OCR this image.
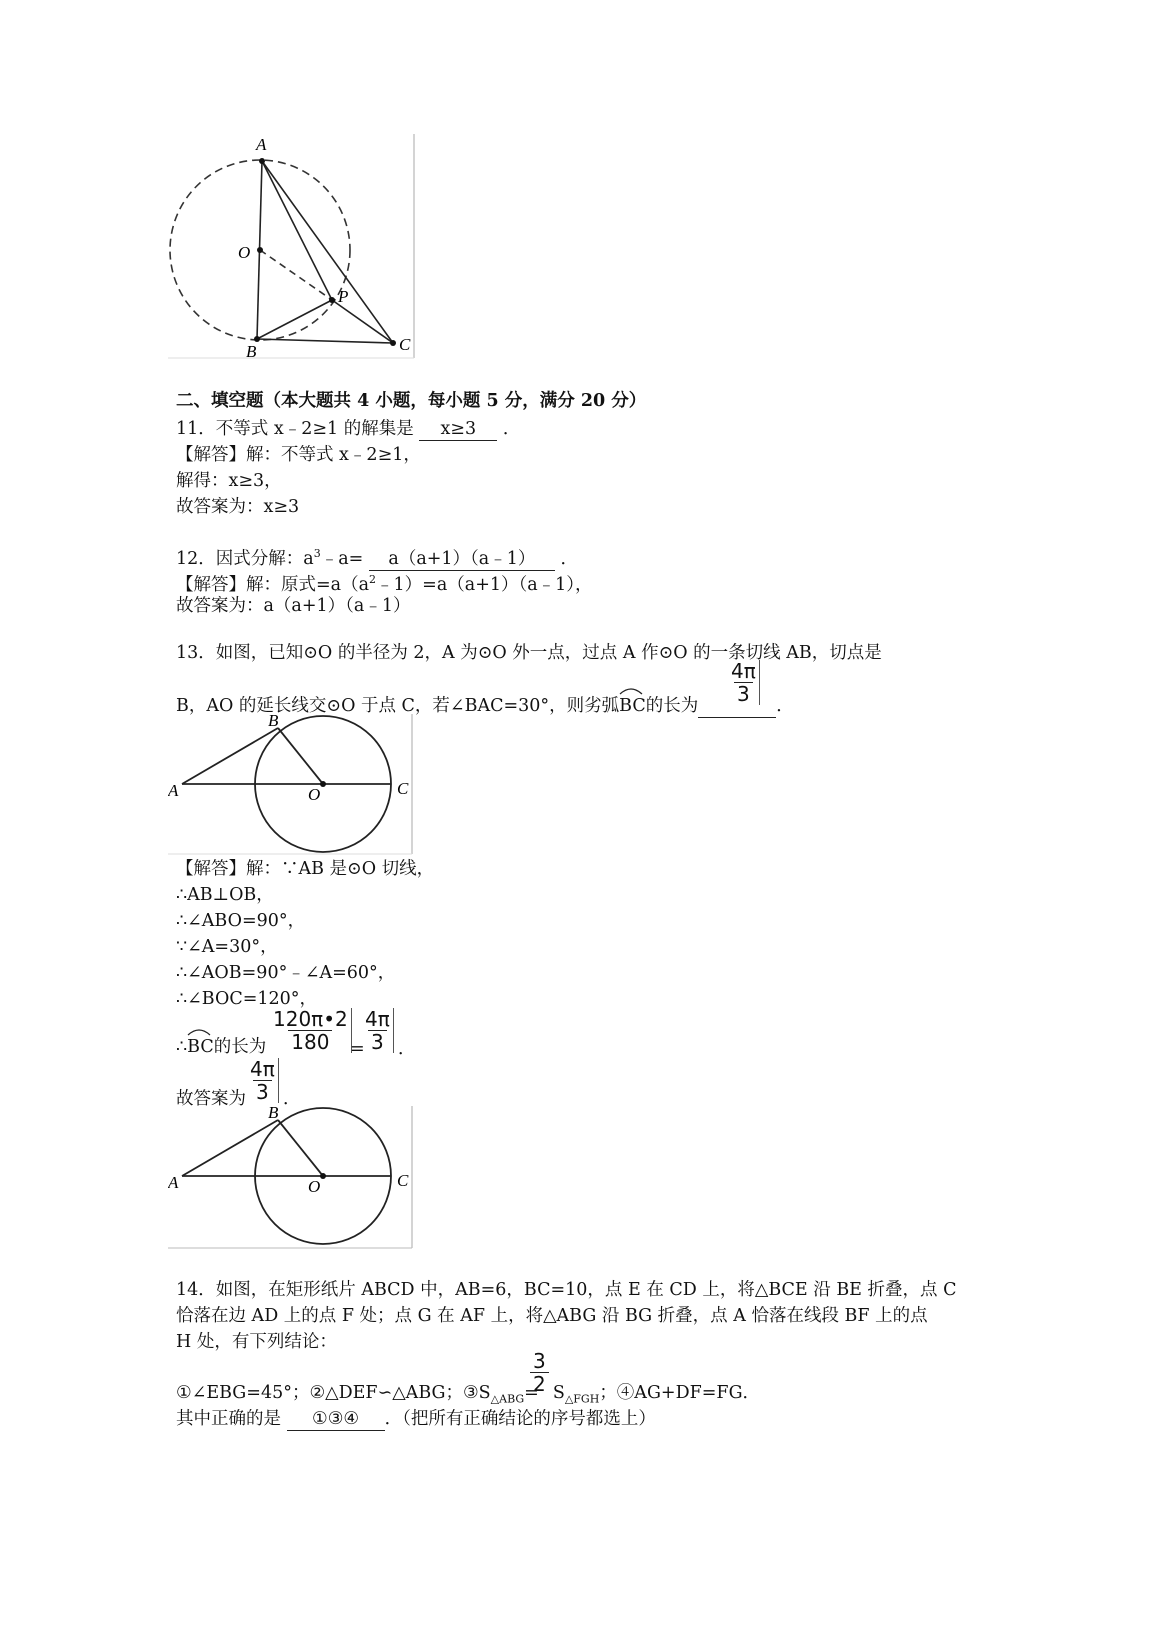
A
O
P
B	C
二、填空题（本大题共 4 小题，每小题 5 分，满分 20 分）
11．不等式 x﹣2≥1 的解集是 x≥3 ．
【解答】解：不等式 x﹣2≥1，
解得：x≥3，
故答案为：x≥3
12．因式分解：$a^3﹣a=$ a（a+1）（a﹣1） ．
【解答】解：原式$=a(a^2﹣1)=a(a+1)(a﹣1)$，
故答案为：a（a+1）（a﹣1）
13．如图，已知⊙O 的半径为 2，A 为⊙O 外一点，过点 A 作⊙O 的一条切线 AB，切点是
$\frac{4\pi}{3}$
B，AO 的延长线交⊙O 于点 C，若∠BAC=30°，则劣弧
BC的长为	．
B
A	O	C
【解答】解：∵AB 是⊙O 切线，
∴AB⊥OB，
∴∠ABO=90°，
∵∠A=30°，
∴∠AOB=90°﹣∠A=60°，
∴∠BOC=120°，
∴
BC的长为 $\frac{120\pi•2}{180}$
=
$\frac{4\pi}{3}$ ．
故答案为 $\frac{4\pi}{3}$ ．
B
A	O	C
14．如图，在矩形纸片 ABCD 中，AB=6，BC=10，点 E 在 CD 上，将△BCE 沿 BE 折叠，点 C
恰落在边 AD 上的点 F 处；点 G 在 AF 上，将△ABG 沿 BG 折叠，点 A 恰落在线段 BF 上的点
H 处，有下列结论：
$\frac{3}{2}$
①∠EBG=45°；②△DEF∽△ABG；$③S_{\triangle ABG}= S_{\triangle FGH}$；④AG+DF=FG．
其中正确的是 ①③④ ．（把所有正确结论的序号都选上）
